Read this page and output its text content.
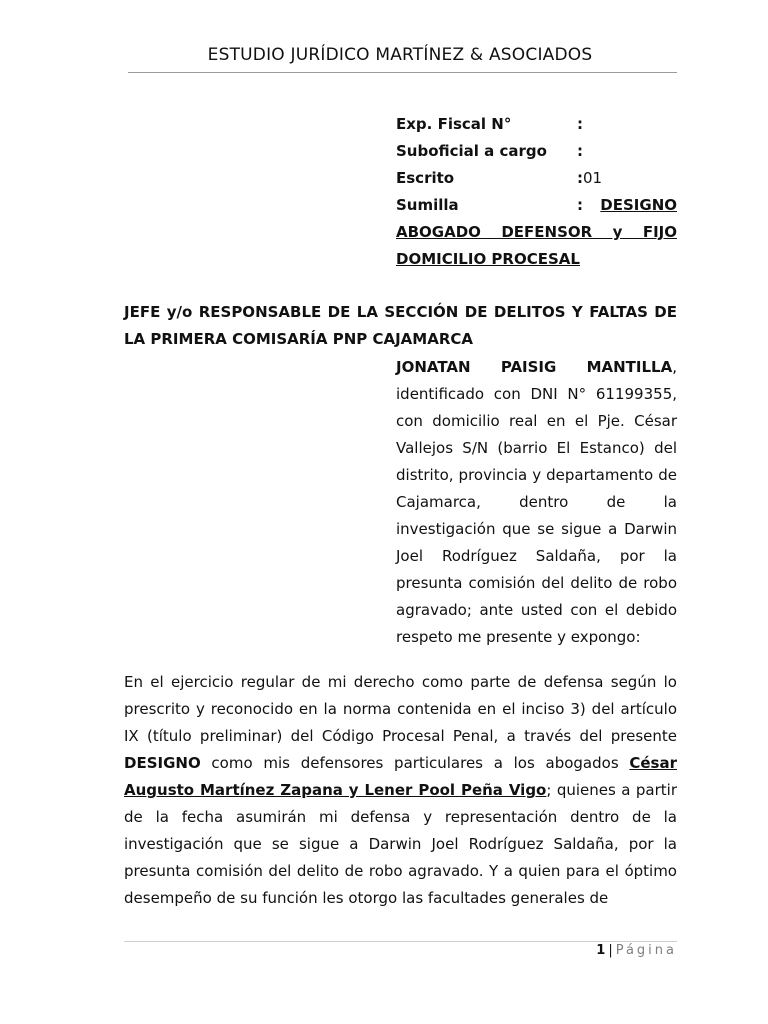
ESTUDIO JURÍDICO MARTÍNEZ & ASOCIADOS
Exp. Fiscal N°	:
Suboficial a cargo :
Escrito	: 01
Sumilla	: DESIGNO
ABOGADO DEFENSOR y FIJO
DOMICILIO PROCESAL
JEFE y/o RESPONSABLE DE LA SECCIÓN DE DELITOS Y FALTAS DE LA PRIMERA COMISARÍA PNP CAJAMARCA
JONATAN PAISIG MANTILLA, identificado con DNI N° 61199355, con domicilio real en el Pje. César Vallejos S/N (barrio El Estanco) del distrito, provincia y departamento de Cajamarca, dentro de la investigación que se sigue a Darwin Joel Rodríguez Saldaña, por la presunta comisión del delito de robo agravado; ante usted con el debido respeto me presente y expongo:
En el ejercicio regular de mi derecho como parte de defensa según lo prescrito y reconocido en la norma contenida en el inciso 3) del artículo IX (título preliminar) del Código Procesal Penal, a través del presente DESIGNO como mis defensores particulares a los abogados César Augusto Martínez Zapana y Lener Pool Peña Vigo; quienes a partir de la fecha asumirán mi defensa y representación dentro de la investigación que se sigue a Darwin Joel Rodríguez Saldaña, por la presunta comisión del delito de robo agravado. Y a quien para el óptimo desempeño de su función les otorgo las facultades generales de
1 | Página
